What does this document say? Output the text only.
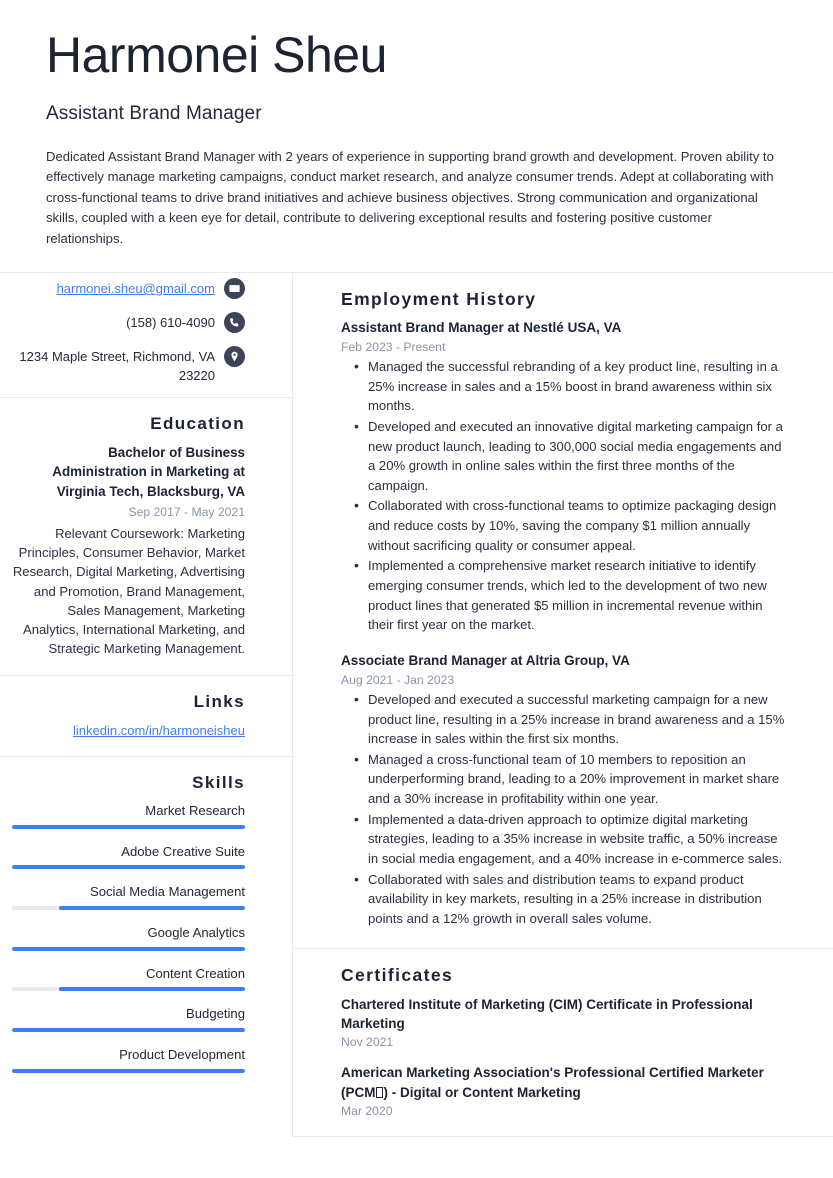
Harmonei Sheu
Assistant Brand Manager
Dedicated Assistant Brand Manager with 2 years of experience in supporting brand growth and development. Proven ability to effectively manage marketing campaigns, conduct market research, and analyze consumer trends. Adept at collaborating with cross-functional teams to drive brand initiatives and achieve business objectives. Strong communication and organizational skills, coupled with a keen eye for detail, contribute to delivering exceptional results and fostering positive customer relationships.
harmonei.sheu@gmail.com
(158) 610-4090
1234 Maple Street, Richmond, VA 23220
Education
Bachelor of Business Administration in Marketing at Virginia Tech, Blacksburg, VA
Sep 2017 - May 2021
Relevant Coursework: Marketing Principles, Consumer Behavior, Market Research, Digital Marketing, Advertising and Promotion, Brand Management, Sales Management, Marketing Analytics, International Marketing, and Strategic Marketing Management.
Links
linkedin.com/in/harmoneisheu
Skills
Market Research
Adobe Creative Suite
Social Media Management
Google Analytics
Content Creation
Budgeting
Product Development
Employment History
Assistant Brand Manager at Nestlé USA, VA
Feb 2023 - Present
• Managed the successful rebranding of a key product line, resulting in a 25% increase in sales and a 15% boost in brand awareness within six months.
• Developed and executed an innovative digital marketing campaign for a new product launch, leading to 300,000 social media engagements and a 20% growth in online sales within the first three months of the campaign.
• Collaborated with cross-functional teams to optimize packaging design and reduce costs by 10%, saving the company $1 million annually without sacrificing quality or consumer appeal.
• Implemented a comprehensive market research initiative to identify emerging consumer trends, which led to the development of two new product lines that generated $5 million in incremental revenue within their first year on the market.
Associate Brand Manager at Altria Group, VA
Aug 2021 - Jan 2023
• Developed and executed a successful marketing campaign for a new product line, resulting in a 25% increase in brand awareness and a 15% increase in sales within the first six months.
• Managed a cross-functional team of 10 members to reposition an underperforming brand, leading to a 20% improvement in market share and a 30% increase in profitability within one year.
• Implemented a data-driven approach to optimize digital marketing strategies, leading to a 35% increase in website traffic, a 50% increase in social media engagement, and a 40% increase in e-commerce sales.
• Collaborated with sales and distribution teams to expand product availability in key markets, resulting in a 25% increase in distribution points and a 12% growth in overall sales volume.
Certificates
Chartered Institute of Marketing (CIM) Certificate in Professional Marketing
Nov 2021
American Marketing Association's Professional Certified Marketer (PCM ) - Digital or Content Marketing
Mar 2020
